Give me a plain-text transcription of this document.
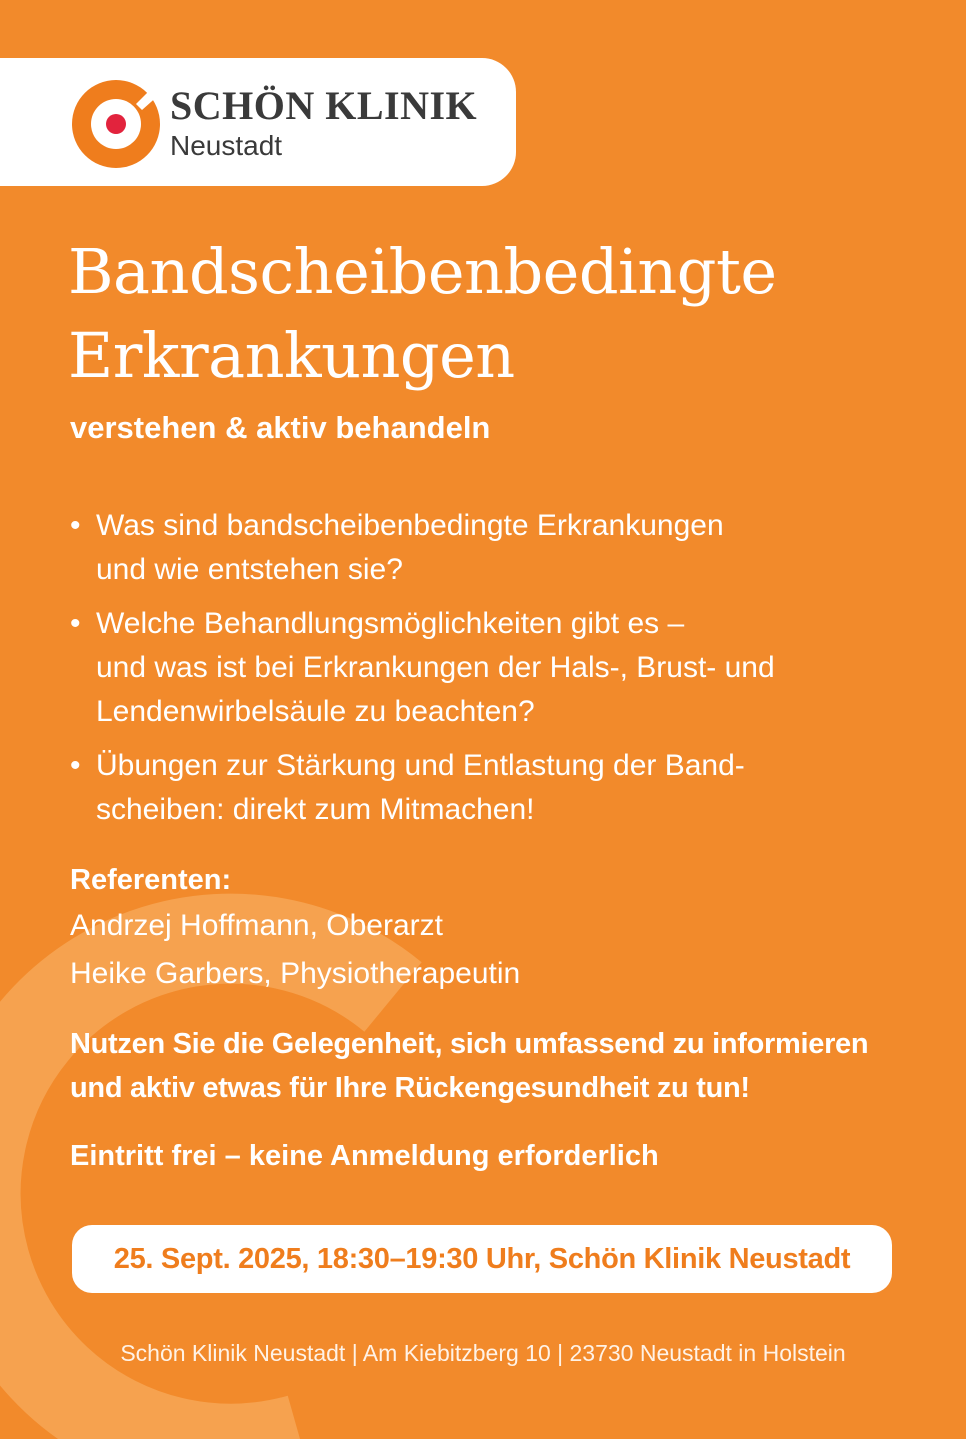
SCHÖN KLINIK
Neustadt
Bandscheibenbedingte
Erkrankungen

verstehen & aktiv behandeln

• Was sind bandscheibenbedingte Erkrankungen
und wie entstehen sie?
• Welche Behandlungsmöglichkeiten gibt es –
und was ist bei Erkrankungen der Hals-, Brust- und
Lendenwirbelsäule zu beachten?
• Übungen zur Stärkung und Entlastung der Band-
scheiben: direkt zum Mitmachen!
Referenten:
Andrzej Hoffmann, Oberarzt
Heike Garbers, Physiotherapeutin
Nutzen Sie die Gelegenheit, sich umfassend zu informieren
und aktiv etwas für Ihre Rückengesundheit zu tun!
Eintritt frei – keine Anmeldung erforderlich
25. Sept. 2025, 18:30–19:30 Uhr, Schön Klinik Neustadt
Schön Klinik Neustadt | Am Kiebitzberg 10 | 23730 Neustadt in Holstein
